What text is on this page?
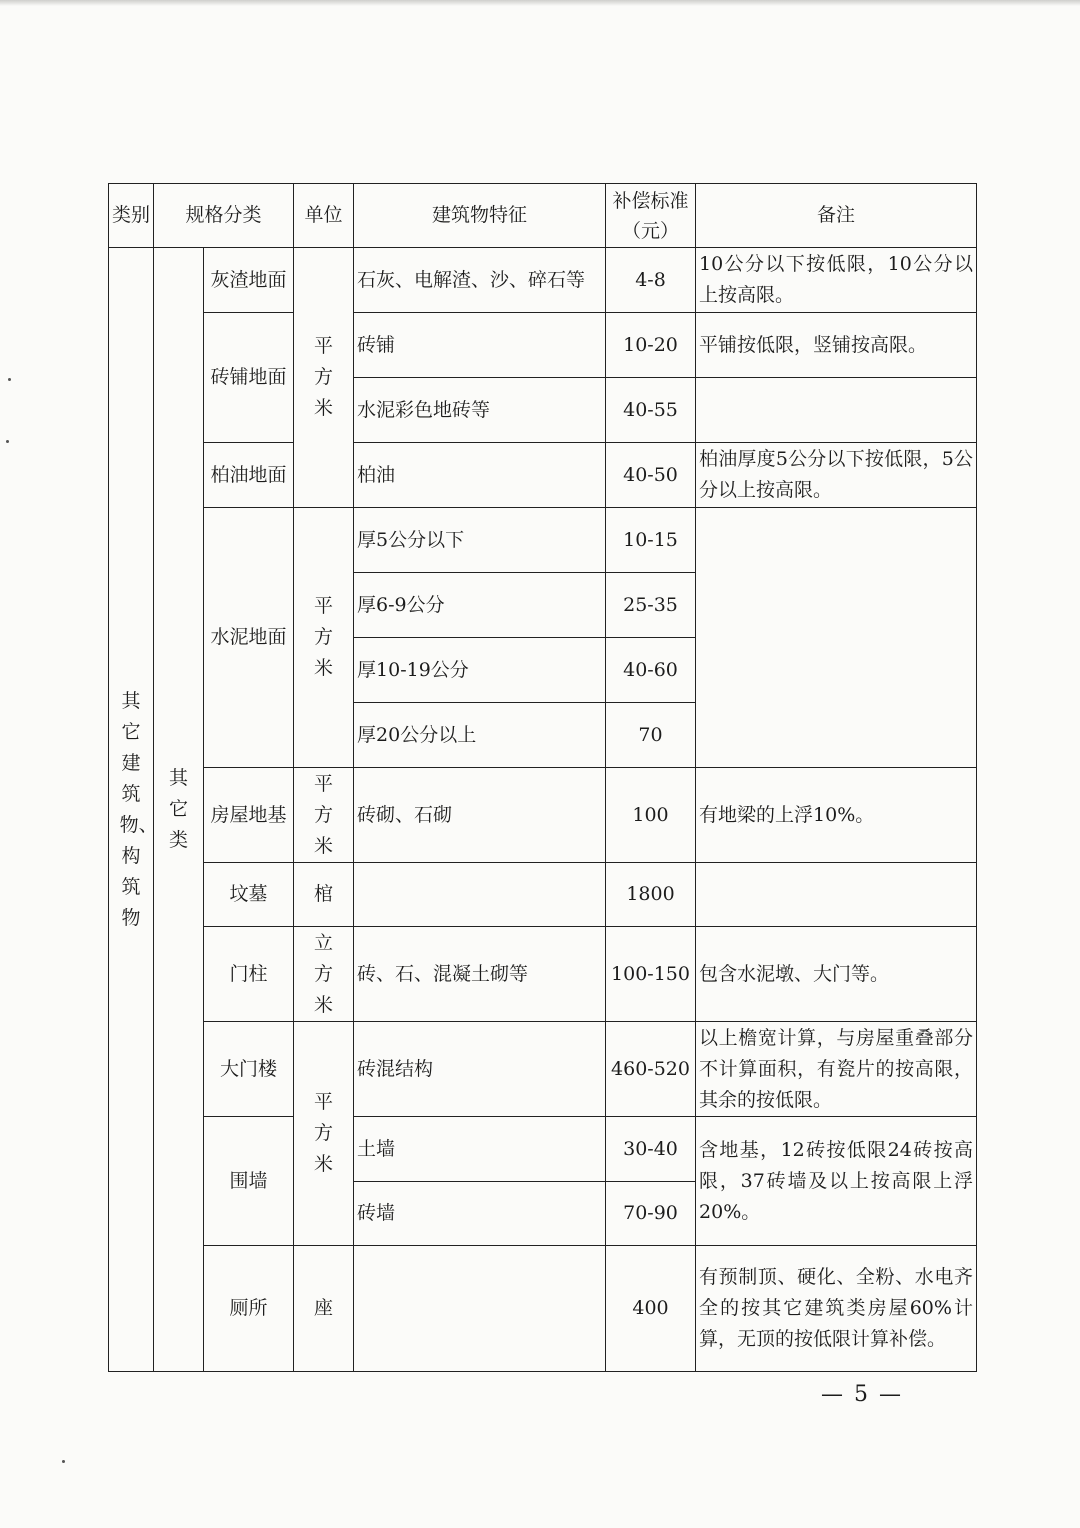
类别	规格分类		单位	建筑物特征	补偿标准（元）	备注

其它建筑物、构筑物	其它类	灰渣地面	平方米	石灰、电解渣、沙、碎石等	4-8	10公分以下按低限，10公分以上按高限。
		砖铺地面		砖铺	10-20	平铺按低限，竖铺按高限。
				水泥彩色地砖等	40-55	
		柏油地面		柏油	40-50	柏油厚度5公分以下按低限，5公分以上按高限。
		水泥地面	平方米	厚5公分以下	10-15	
				厚6-9公分	25-35	
				厚10-19公分	40-60	
				厚20公分以上	70	
		房屋地基	平方米	砖砌、石砌	100	有地梁的上浮10%。
		坟墓	棺		1800	
		门柱	立方米	砖、石、混凝土砌等	100-150	包含水泥墩、大门等。
		大门楼	平方米	砖混结构	460-520	以上檐宽计算，与房屋重叠部分不计算面积，有瓷片的按高限，其余的按低限。
		围墙		土墙	30-40	含地基，12砖按低限24砖按高限，37砖墙及以上按高限上浮20%。
				砖墙	70-90	
		厕所	座		400	有预制顶、硬化、全粉、水电齐全的按其它建筑类房屋60%计算，无顶的按低限计算补偿。
— 5 —
